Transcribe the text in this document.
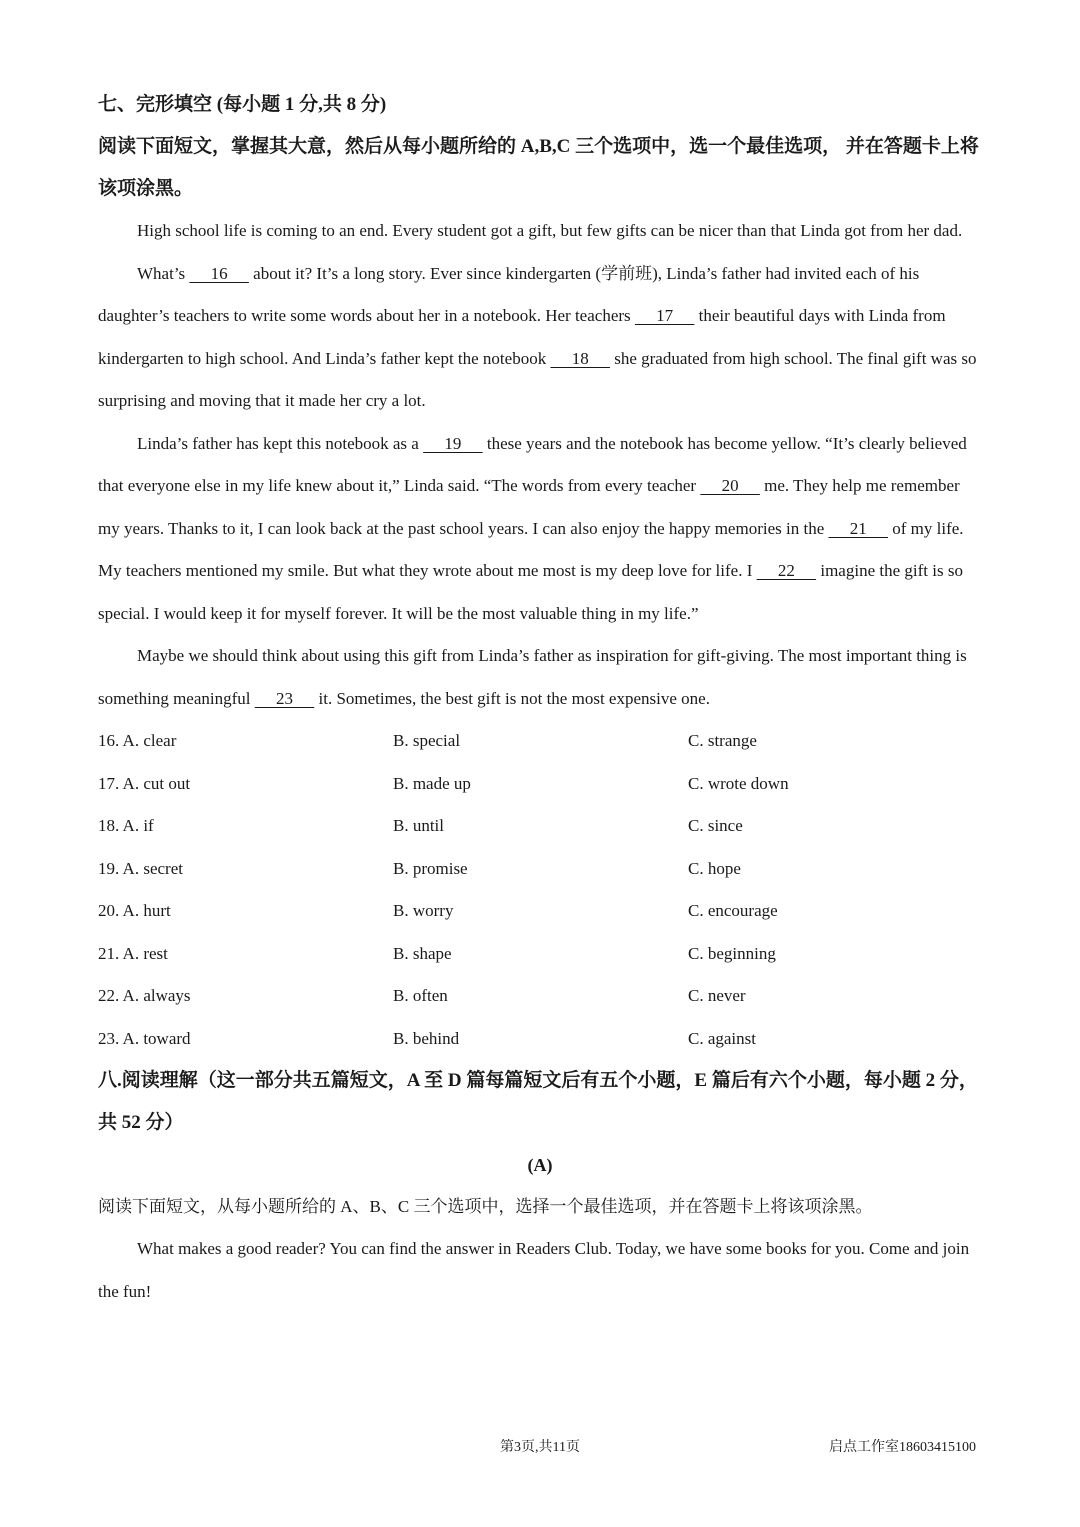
七、完形填空 (每小题 1 分,共 8 分)
阅读下面短文，掌握其大意，然后从每小题所给的 A,B,C 三个选项中，选一个最佳选项， 并在答题卡上将该项涂黑。

High school life is coming to an end. Every student got a gift, but few gifts can be nicer than that Linda got from her dad.

What’s      16      about it? It’s a long story. Ever since kindergarten (学前班), Linda’s father had invited each of his daughter’s teachers to write some words about her in a notebook. Her teachers      17      their beautiful days with Linda from kindergarten to high school. And Linda’s father kept the notebook      18      she graduated from high school. The final gift was so surprising and moving that it made her cry a lot.

Linda’s father has kept this notebook as a      19      these years and the notebook has become yellow. “It’s clearly believed that everyone else in my life knew about it,” Linda said. “The words from every teacher      20      me. They help me remember my years. Thanks to it, I can look back at the past school years. I can also enjoy the happy memories in the      21      of my life. My teachers mentioned my smile. But what they wrote about me most is my deep love for life. I      22      imagine the gift is so special. I would keep it for myself forever. It will be the most valuable thing in my life.”

Maybe we should think about using this gift from Linda’s father as inspiration for gift-giving. The most important thing is something meaningful      23      it. Sometimes, the best gift is not the most expensive one.

16. A. clear	B. special	C. strange
17. A. cut out	B. made up	C. wrote down
18. A. if	B. until	C. since
19. A. secret	B. promise	C. hope
20. A. hurt	B. worry	C. encourage
21. A. rest	B. shape	C. beginning
22. A. always	B. often	C. never
23. A. toward	B. behind	C. against
八.阅读理解（这一部分共五篇短文，A 至 D 篇每篇短文后有五个小题，E 篇后有六个小题，每小题 2 分，共 52 分）
(A)
阅读下面短文，从每小题所给的 A、B、C 三个选项中，选择一个最佳选项，并在答题卡上将该项涂黑。

What makes a good reader? You can find the answer in Readers Club. Today, we have some books for you. Come and join the fun!

第3页,共11页	启点工作室18603415100
